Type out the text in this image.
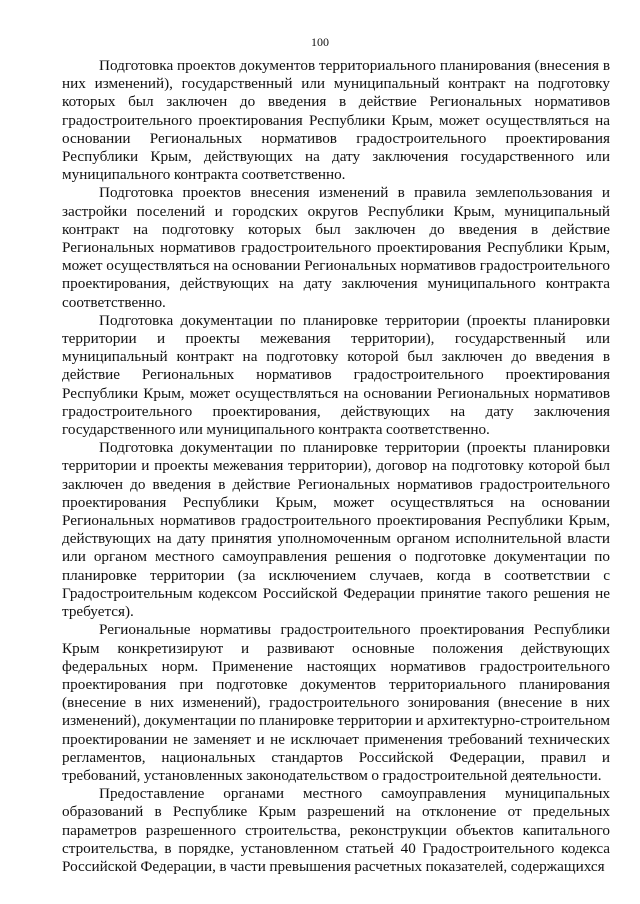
100

Подготовка проектов документов территориального планирования (внесения в них изменений), государственный или муниципальный контракт на подготовку которых был заключен до введения в действие Региональных нормативов градостроительного проектирования Республики Крым, может осуществляться на основании Региональных нормативов градостроительного проектирования Республики Крым, действующих на дату заключения государственного или муниципального контракта соответственно.

Подготовка проектов внесения изменений в правила землепользования и застройки поселений и городских округов Республики Крым, муниципальный контракт на подготовку которых был заключен до введения в действие Региональных нормативов градостроительного проектирования Республики Крым, может осуществляться на основании Региональных нормативов градостроительного проектирования, действующих на дату заключения муниципального контракта соответственно.

Подготовка документации по планировке территории (проекты планировки территории и проекты межевания территории), государственный или муниципальный контракт на подготовку которой был заключен до введения в действие Региональных нормативов градостроительного проектирования Республики Крым, может осуществляться на основании Региональных нормативов градостроительного проектирования, действующих на дату заключения государственного или муниципального контракта соответственно.

Подготовка документации по планировке территории (проекты планировки территории и проекты межевания территории), договор на подготовку которой был заключен до введения в действие Региональных нормативов градостроительного проектирования Республики Крым, может осуществляться на основании Региональных нормативов градостроительного проектирования Республики Крым, действующих на дату принятия уполномоченным органом исполнительной власти или органом местного самоуправления решения о подготовке документации по планировке территории (за исключением случаев, когда в соответствии с Градостроительным кодексом Российской Федерации принятие такого решения не требуется).

Региональные нормативы градостроительного проектирования Республики Крым конкретизируют и развивают основные положения действующих федеральных норм. Применение настоящих нормативов градостроительного проектирования при подготовке документов территориального планирования (внесение в них изменений), градостроительного зонирования (внесение в них изменений), документации по планировке территории и архитектурно-строительном проектировании не заменяет и не исключает применения требований технических регламентов, национальных стандартов Российской Федерации, правил и требований, установленных законодательством о градостроительной деятельности.

Предоставление органами местного самоуправления муниципальных образований в Республике Крым разрешений на отклонение от предельных параметров разрешенного строительства, реконструкции объектов капитального строительства, в порядке, установленном статьей 40 Градостроительного кодекса Российской Федерации, в части превышения расчетных показателей, содержащихся
